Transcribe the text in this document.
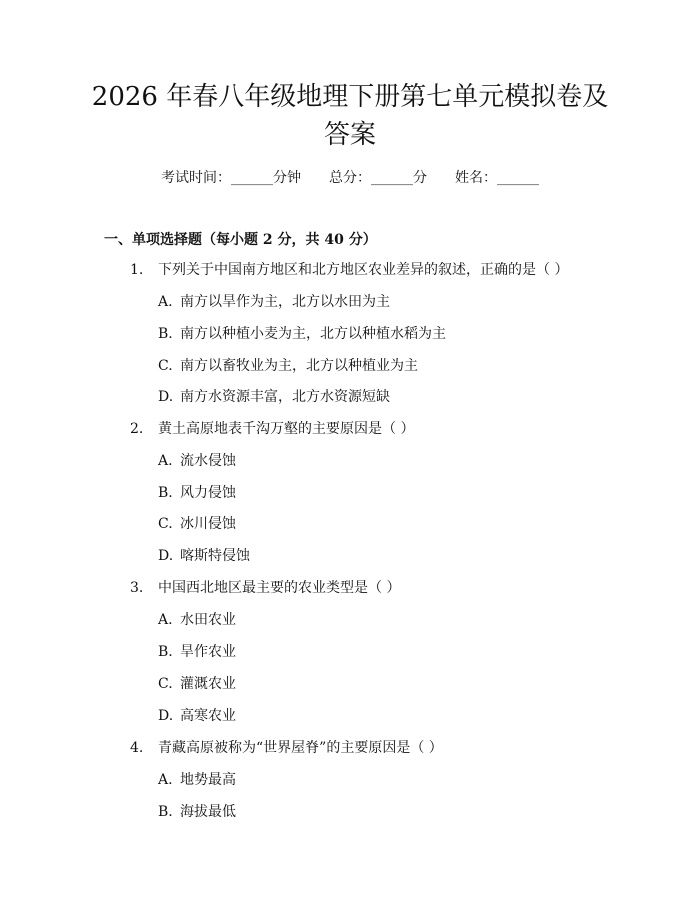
2026 年春八年级地理下册第七单元模拟卷及
答案
考试时间：______分钟　　总分：______分　　姓名：______
一、单项选择题（每小题 2 分，共 40 分）
1. 下列关于中国南方地区和北方地区农业差异的叙述，正确的是（ ）
A. 南方以旱作为主，北方以水田为主
B. 南方以种植小麦为主，北方以种植水稻为主
C. 南方以畜牧业为主，北方以种植业为主
D. 南方水资源丰富，北方水资源短缺
2. 黄土高原地表千沟万壑的主要原因是（ ）
A. 流水侵蚀
B. 风力侵蚀
C. 冰川侵蚀
D. 喀斯特侵蚀
3. 中国西北地区最主要的农业类型是（ ）
A. 水田农业
B. 旱作农业
C. 灌溉农业
D. 高寒农业
4. 青藏高原被称为“世界屋脊”的主要原因是（ ）
A. 地势最高
B. 海拔最低
